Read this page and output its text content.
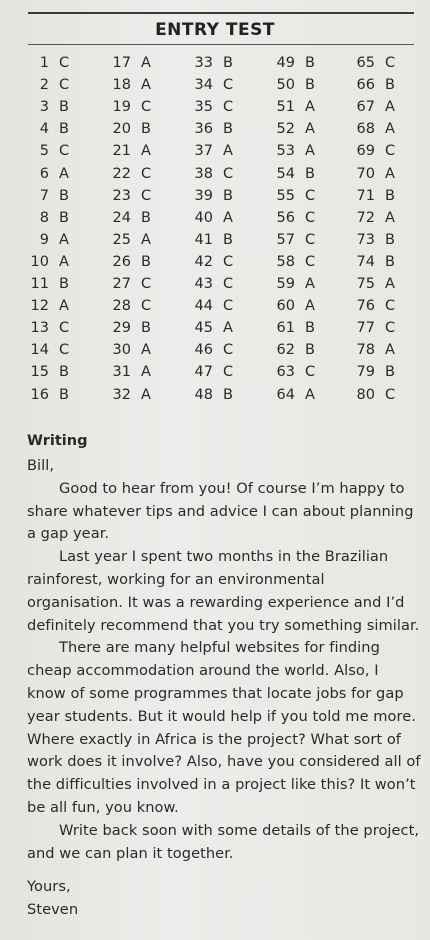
ENTRY TEST
1 C
2 C
3 B
4 B
5 C
6 A
7 B
8 B
9 A
10 A
11 B
12 A
13 C
14 C
15 B
16 B
17 A
18 A
19 C
20 B
21 A
22 C
23 C
24 B
25 A
26 B
27 C
28 C
29 B
30 A
31 A
32 A
33 B
34 C
35 C
36 B
37 A
38 C
39 B
40 A
41 B
42 C
43 C
44 C
45 A
46 C
47 C
48 B
49 B
50 B
51 A
52 A
53 A
54 B
55 C
56 C
57 C
58 C
59 A
60 A
61 B
62 B
63 C
64 A
65 C
66 B
67 A
68 A
69 C
70 A
71 B
72 A
73 B
74 B
75 A
76 C
77 C
78 A
79 B
80 C
Writing

Bill,

Good to hear from you! Of course I’m happy to share whatever tips and advice I can about planning a gap year.

Last year I spent two months in the Brazilian rainforest, working for an environmental organisation. It was a rewarding experience and I’d definitely recommend that you try something similar.

There are many helpful websites for finding cheap accommodation around the world. Also, I know of some programmes that locate jobs for gap year students. But it would help if you told me more. Where exactly in Africa is the project? What sort of work does it involve? Also, have you considered all of the difficulties involved in a project like this? It won’t be all fun, you know.

Write back soon with some details of the project, and we can plan it together.

Yours,

Steven
